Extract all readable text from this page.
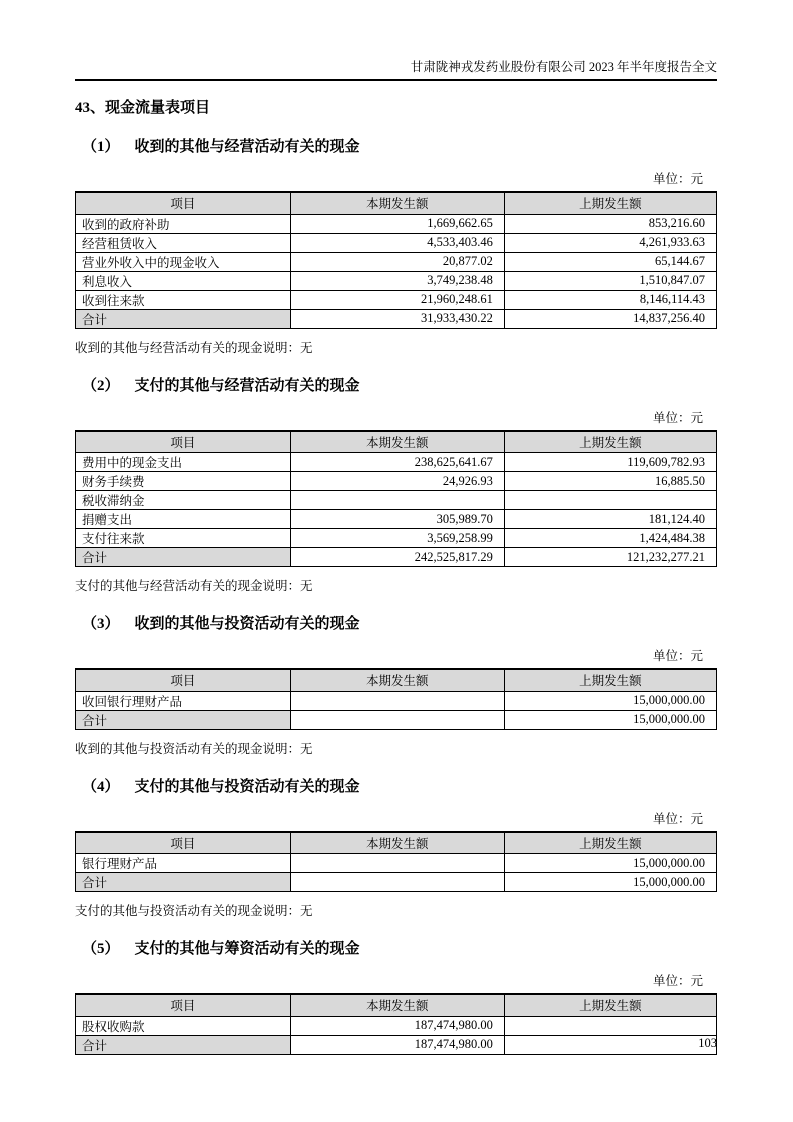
甘肃陇神戎发药业股份有限公司 2023 年半年度报告全文
43、现金流量表项目
（1） 收到的其他与经营活动有关的现金
单位：元
项目	本期发生额	上期发生额
收到的政府补助	1,669,662.65	853,216.60
经营租赁收入	4,533,403.46	4,261,933.63
营业外收入中的现金收入	20,877.02	65,144.67
利息收入	3,749,238.48	1,510,847.07
收到往来款	21,960,248.61	8,146,114.43
合计	31,933,430.22	14,837,256.40
收到的其他与经营活动有关的现金说明：无
（2） 支付的其他与经营活动有关的现金
单位：元
项目	本期发生额	上期发生额
费用中的现金支出	238,625,641.67	119,609,782.93
财务手续费	24,926.93	16,885.50
税收滞纳金		
捐赠支出	305,989.70	181,124.40
支付往来款	3,569,258.99	1,424,484.38
合计	242,525,817.29	121,232,277.21
支付的其他与经营活动有关的现金说明：无
（3） 收到的其他与投资活动有关的现金
单位：元
项目	本期发生额	上期发生额
收回银行理财产品		15,000,000.00
合计		15,000,000.00
收到的其他与投资活动有关的现金说明：无
（4） 支付的其他与投资活动有关的现金
单位：元
项目	本期发生额	上期发生额
银行理财产品		15,000,000.00
合计		15,000,000.00
支付的其他与投资活动有关的现金说明：无
（5） 支付的其他与筹资活动有关的现金
单位：元
项目	本期发生额	上期发生额
股权收购款	187,474,980.00	
合计	187,474,980.00		103
